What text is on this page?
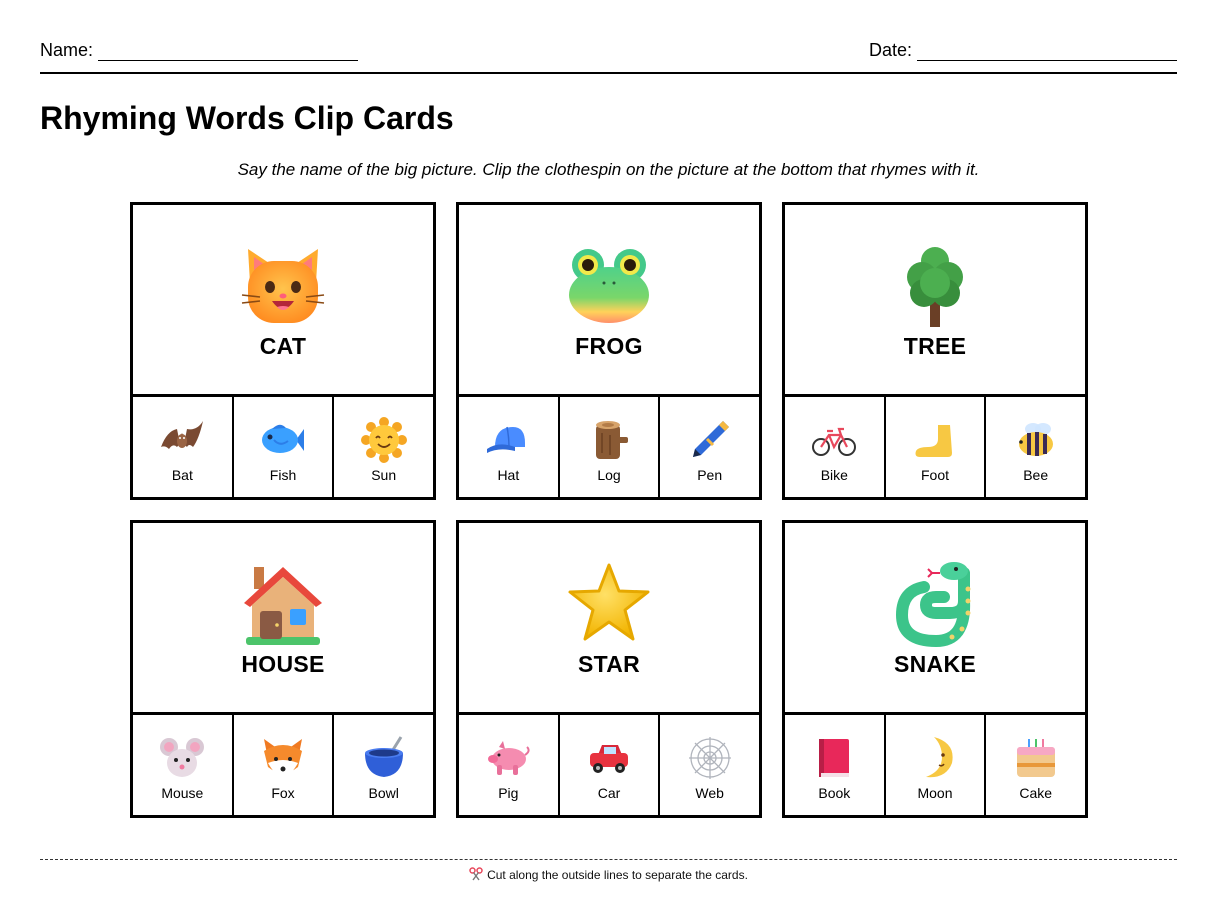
Name:	Date:
Rhyming Words Clip Cards
Say the name of the big picture. Clip the clothespin on the picture at the bottom that rhymes with it.
CAT
Bat	Fish	Sun
FROG
Hat	Log	Pen
TREE
Bike	Foot	Bee
HOUSE
Mouse	Fox	Bowl
STAR
Pig	Car	Web
SNAKE
Book	Moon	Cake
Cut along the outside lines to separate the cards.
